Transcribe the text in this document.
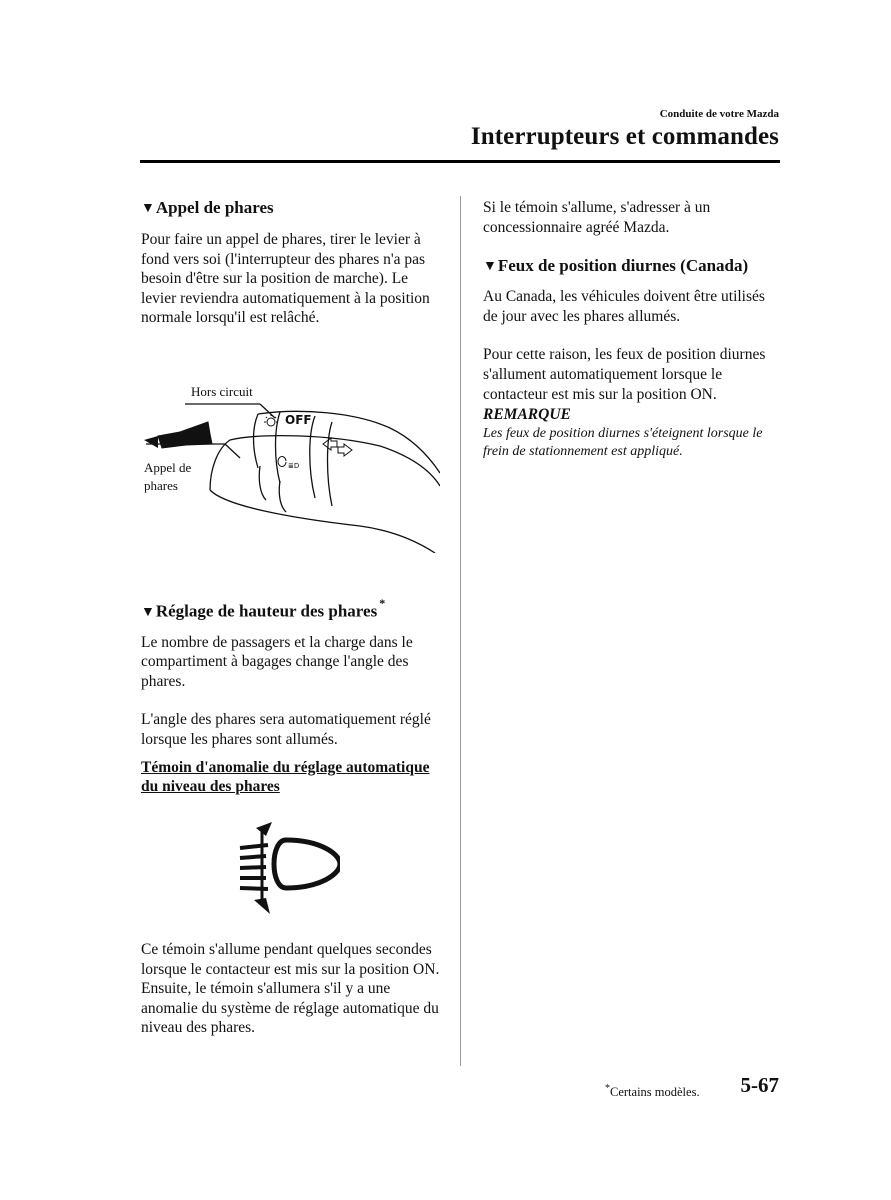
Conduite de votre Mazda
Interrupteurs et commandes
▼Appel de phares

Pour faire un appel de phares, tirer le levier à fond vers soi (l'interrupteur des phares n'a pas besoin d'être sur la position de marche). Le levier reviendra automatiquement à la position normale lorsqu'il est relâché.

Hors circuit
Appel de
phares
OFF
≣D
▼Réglage de hauteur des phares *

Le nombre de passagers et la charge dans le compartiment à bagages change l'angle des phares.

L'angle des phares sera automatiquement réglé lorsque les phares sont allumés.

Témoin d'anomalie du réglage automatique du niveau des phares

Ce témoin s'allume pendant quelques secondes lorsque le contacteur est mis sur la position ON.

Ensuite, le témoin s'allumera s'il y a une anomalie du système de réglage automatique du niveau des phares.

Si le témoin s'allume, s'adresser à un concessionnaire agréé Mazda.

▼Feux de position diurnes (Canada)

Au Canada, les véhicules doivent être utilisés de jour avec les phares allumés.

Pour cette raison, les feux de position diurnes s'allument automatiquement lorsque le contacteur est mis sur la position ON.

REMARQUE

Les feux de position diurnes s'éteignent lorsque le frein de stationnement est appliqué.

*Certains modèles. 5-67
